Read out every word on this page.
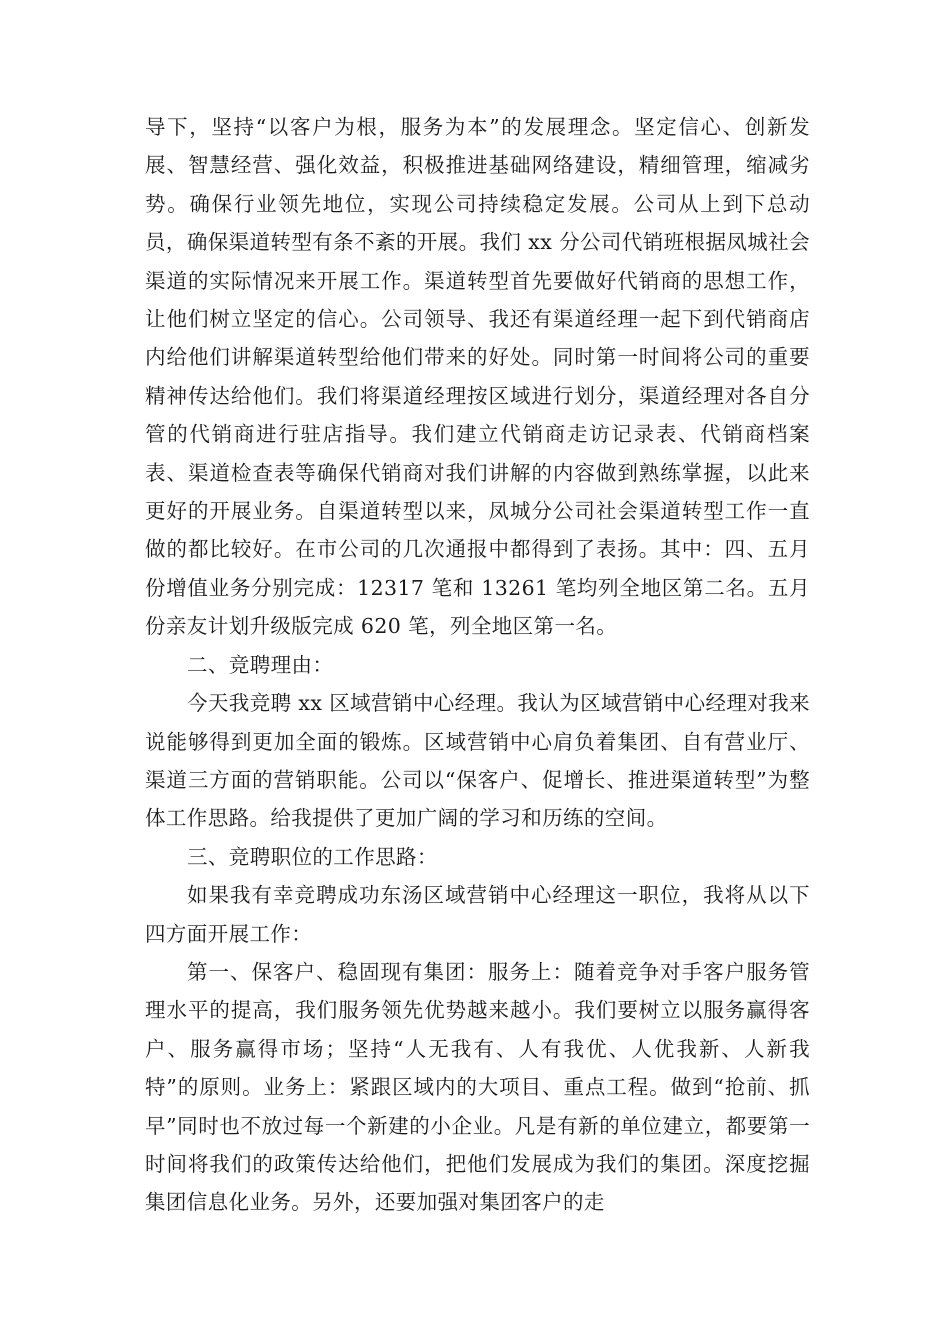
导下，坚持“以客户为根，服务为本”的发展理念。坚定信心、创新发展、智慧经营、强化效益，积极推进基础网络建设，精细管理，缩减劣势。确保行业领先地位，实现公司持续稳定发展。公司从上到下总动员，确保渠道转型有条不紊的开展。我们 xx 分公司代销班根据凤城社会渠道的实际情况来开展工作。渠道转型首先要做好代销商的思想工作，让他们树立坚定的信心。公司领导、我还有渠道经理一起下到代销商店内给他们讲解渠道转型给他们带来的好处。同时第一时间将公司的重要精神传达给他们。我们将渠道经理按区域进行划分，渠道经理对各自分管的代销商进行驻店指导。我们建立代销商走访记录表、代销商档案表、渠道检查表等确保代销商对我们讲解的内容做到熟练掌握，以此来更好的开展业务。自渠道转型以来，凤城分公司社会渠道转型工作一直做的都比较好。在市公司的几次通报中都得到了表扬。其中：四、五月份增值业务分别完成：12317 笔和 13261 笔均列全地区第二名。五月份亲友计划升级版完成 620 笔，列全地区第一名。

二、竞聘理由：

今天我竞聘 xx 区域营销中心经理。我认为区域营销中心经理对我来说能够得到更加全面的锻炼。区域营销中心肩负着集团、自有营业厅、渠道三方面的营销职能。公司以“保客户、促增长、推进渠道转型”为整体工作思路。给我提供了更加广阔的学习和历练的空间。

三、竞聘职位的工作思路：

如果我有幸竞聘成功东汤区域营销中心经理这一职位，我将从以下四方面开展工作：

第一、保客户、稳固现有集团：服务上：随着竞争对手客户服务管理水平的提高，我们服务领先优势越来越小。我们要树立以服务赢得客户、服务赢得市场；坚持“人无我有、人有我优、人优我新、人新我特”的原则。业务上：紧跟区域内的大项目、重点工程。做到“抢前、抓早”同时也不放过每一个新建的小企业。凡是有新的单位建立，都要第一时间将我们的政策传达给他们，把他们发展成为我们的集团。深度挖掘集团信息化业务。另外，还要加强对集团客户的走
